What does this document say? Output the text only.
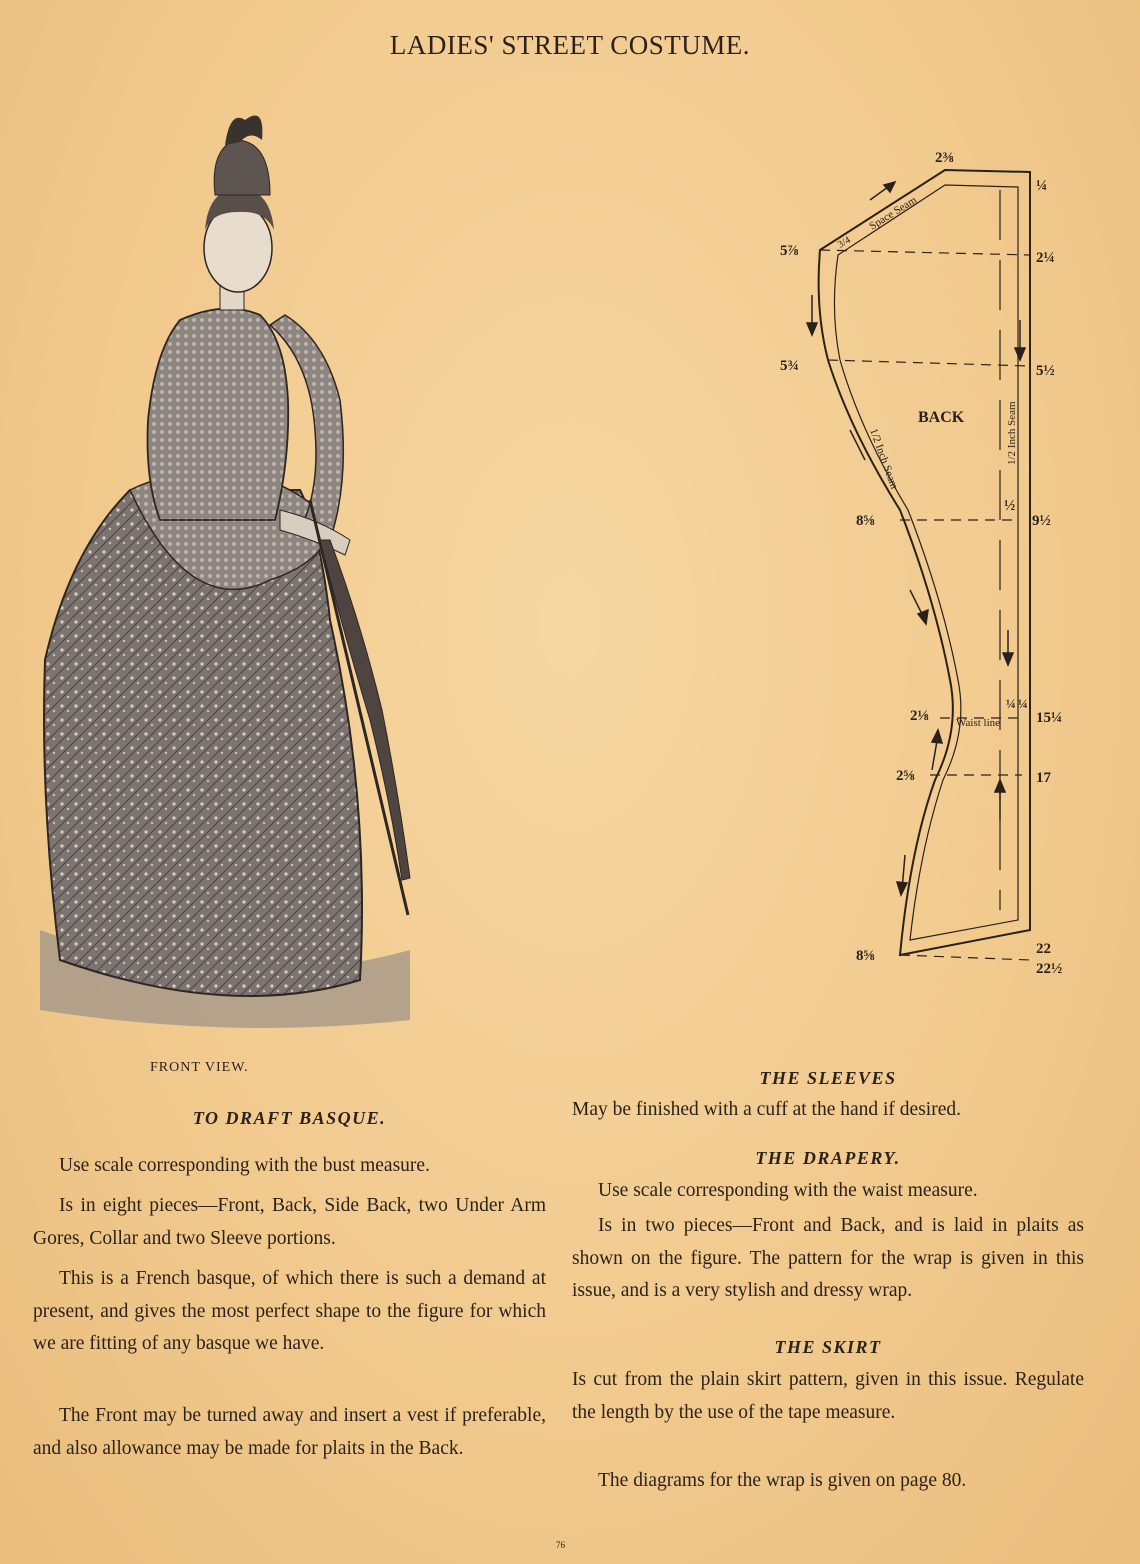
LADIES' STREET COSTUME.
FRONT VIEW.
2⅜
¼
5⅞	2¼
5¾	5½
8⅝	9½
2⅛	15¼
2⅝	17
8⅝	22
22½
BACK
½
¼ ¼
Space Seam
3/4
1/2 Inch Seam
1/2 Inch Seam
Waist line
TO DRAFT BASQUE.
Use scale corresponding with the bust measure.
Is in eight pieces—Front, Back, Side Back, two Under Arm Gores, Collar and two Sleeve portions.
This is a French basque, of which there is such a demand at present, and gives the most perfect shape to the figure for which we are fitting of any basque we have.
The Front may be turned away and insert a vest if preferable, and also allowance may be made for plaits in the Back.
THE SLEEVES
May be finished with a cuff at the hand if desired.
THE DRAPERY.
Use scale corresponding with the waist measure.
Is in two pieces—Front and Back, and is laid in plaits as shown on the figure. The pattern for the wrap is given in this issue, and is a very stylish and dressy wrap.
THE SKIRT
Is cut from the plain skirt pattern, given in this issue. Regulate the length by the use of the tape measure.
The diagrams for the wrap is given on page 80.
76
